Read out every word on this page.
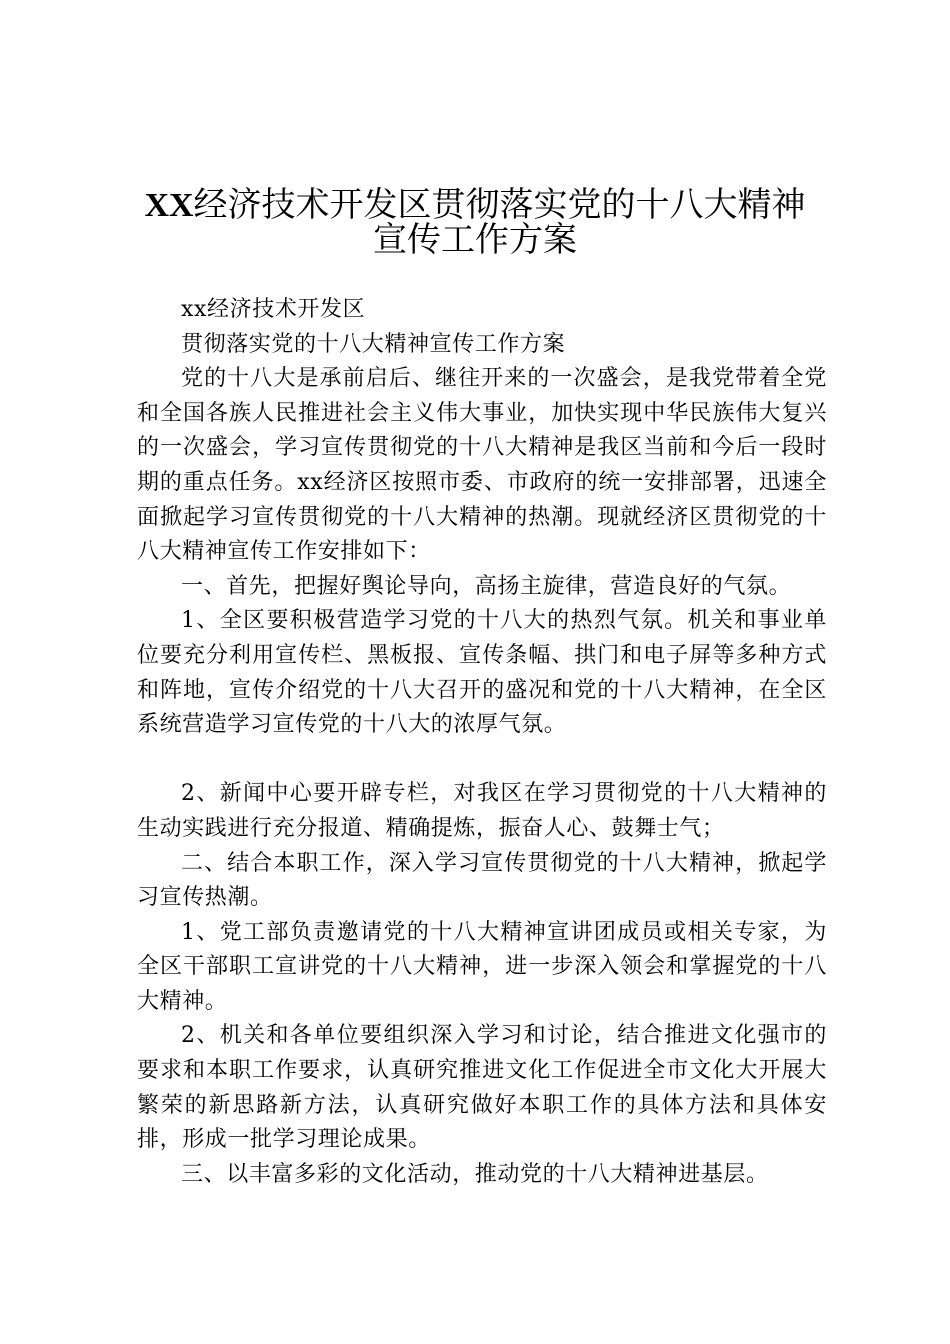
XX经济技术开发区贯彻落实党的十八大精神
宣传工作方案

xx经济技术开发区

贯彻落实党的十八大精神宣传工作方案

党的十八大是承前启后、继往开来的一次盛会，是我党带着全党和全国各族人民推进社会主义伟大事业，加快实现中华民族伟大复兴的一次盛会，学习宣传贯彻党的十八大精神是我区当前和今后一段时期的重点任务。xx经济区按照市委、市政府的统一安排部署，迅速全面掀起学习宣传贯彻党的十八大精神的热潮。现就经济区贯彻党的十八大精神宣传工作安排如下：

一、首先，把握好舆论导向，高扬主旋律，营造良好的气氛。

1、全区要积极营造学习党的十八大的热烈气氛。机关和事业单位要充分利用宣传栏、黑板报、宣传条幅、拱门和电子屏等多种方式和阵地，宣传介绍党的十八大召开的盛况和党的十八大精神，在全区系统营造学习宣传党的十八大的浓厚气氛。

2、新闻中心要开辟专栏，对我区在学习贯彻党的十八大精神的生动实践进行充分报道、精确提炼，振奋人心、鼓舞士气；

二、结合本职工作，深入学习宣传贯彻党的十八大精神，掀起学习宣传热潮。

1、党工部负责邀请党的十八大精神宣讲团成员或相关专家，为全区干部职工宣讲党的十八大精神，进一步深入领会和掌握党的十八大精神。

2、机关和各单位要组织深入学习和讨论，结合推进文化强市的要求和本职工作要求，认真研究推进文化工作促进全市文化大开展大繁荣的新思路新方法，认真研究做好本职工作的具体方法和具体安排，形成一批学习理论成果。

三、以丰富多彩的文化活动，推动党的十八大精神进基层。
